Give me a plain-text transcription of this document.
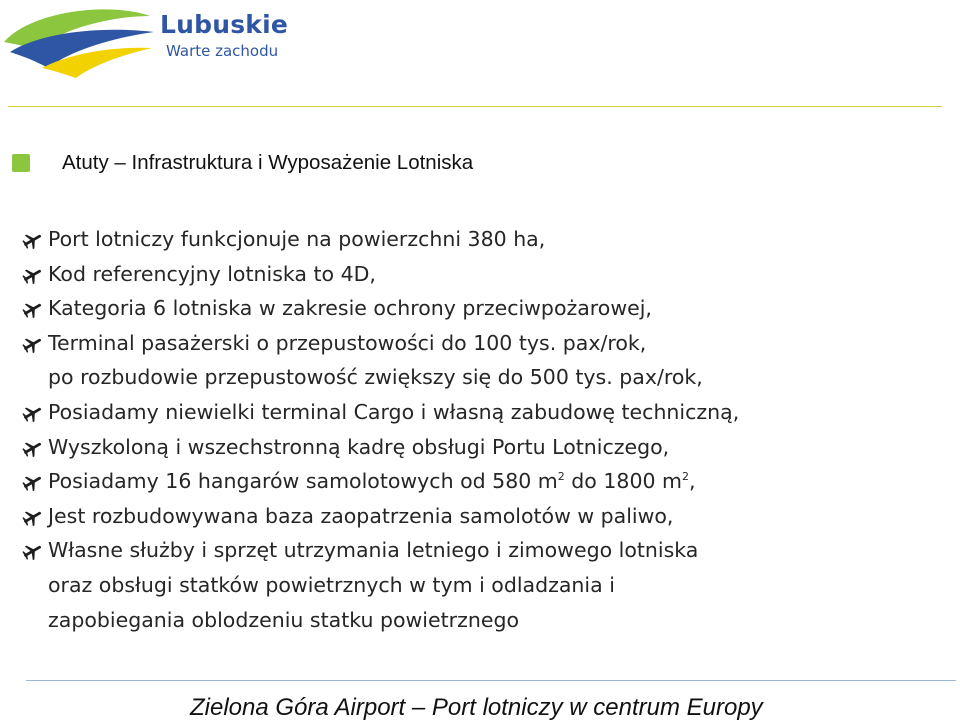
Lubuskie
Warte zachodu
Atuty – Infrastruktura i Wyposażenie Lotniska
Port lotniczy funkcjonuje na powierzchni 380 ha,
Kod referencyjny lotniska to 4D,
Kategoria 6 lotniska w zakresie ochrony przeciwpożarowej,
Terminal pasażerski o przepustowości do 100 tys. pax/rok,
po rozbudowie przepustowość zwiększy się do 500 tys. pax/rok,
Posiadamy niewielki terminal Cargo i własną zabudowę techniczną,
Wyszkoloną i wszechstronną kadrę obsługi Portu Lotniczego,
Posiadamy 16 hangarów samolotowych od 580 $m^2$ do 1800 $m^2$,
Jest rozbudowywana baza zaopatrzenia samolotów w paliwo,
Własne służby i sprzęt utrzymania letniego i zimowego lotniska
oraz obsługi statków powietrznych w tym i odladzania i
zapobiegania oblodzeniu statku powietrznego
Zielona Góra Airport – Port lotniczy w centrum Europy
